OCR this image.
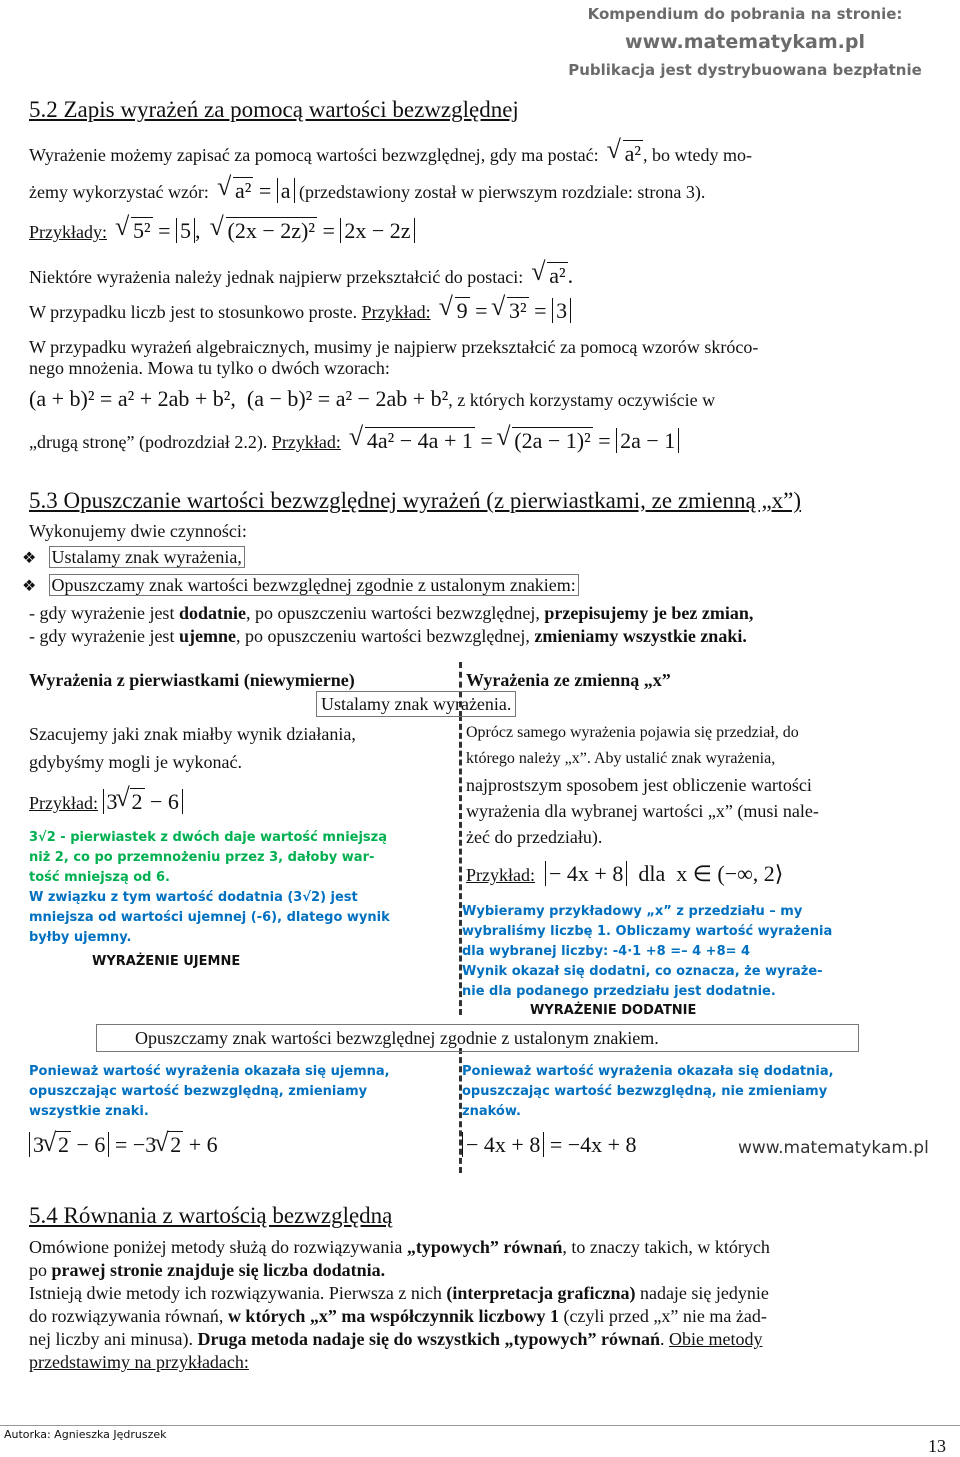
Kompendium do pobrania na stronie:
www.matematykam.pl
Publikacja jest dystrybuowana bezpłatnie
5.2 Zapis wyrażeń za pomocą wartości bezwzględnej
Wyrażenie możemy zapisać za pomocą wartości bezwzględnej, gdy ma postać: √ a² , bo wtedy mo-
żemy wykorzystać wzór: √ a² = a (przedstawiony został w pierwszym rozdziale: strona 3).
Przykłady: √ 5² = 5 ,  √ (2x − 2z)² = 2x − 2z
Niektóre wyrażenia należy jednak najpierw przekształcić do postaci: √ a².
W przypadku liczb jest to stosunkowo proste. Przykład: √ 9 = √ 3² = 3
W przypadku wyrażeń algebraicznych, musimy je najpierw przekształcić za pomocą wzorów skróco-
nego mnożenia. Mowa tu tylko o dwóch wzorach:
(a + b)² = a² + 2ab + b²,  (a − b)² = a² − 2ab + b², z których korzystamy oczywiście w
„drugą stronę” (podrozdział 2.2). Przykład: √ 4a² − 4a + 1 = √ (2a − 1)² = 2a − 1
5.3 Opuszczanie wartości bezwzględnej wyrażeń (z pierwiastkami, ze zmienną „x”)
Wykonujemy dwie czynności:
❖ Ustalamy znak wyrażenia,
❖ Opuszczamy znak wartości bezwzględnej zgodnie z ustalonym znakiem:
- gdy wyrażenie jest dodatnie, po opuszczeniu wartości bezwzględnej, przepisujemy je bez zmian,
- gdy wyrażenie jest ujemne, po opuszczeniu wartości bezwzględnej, zmieniamy wszystkie znaki.
Wyrażenia z pierwiastkami (niewymierne)	Wyrażenia ze zmienną „x”
Ustalamy znak wyrażenia.
Szacujemy jaki znak miałby wynik działania,
gdybyśmy mogli je wykonać.
Przykład: 3 √ 2 − 6
3√2 - pierwiastek z dwóch daje wartość mniejszą
niż 2, co po przemnożeniu przez 3, dałoby war-
tość mniejszą od 6.
W związku z tym wartość dodatnia (3√2) jest
mniejsza od wartości ujemnej (-6), dlatego wynik
byłby ujemny.
WYRAŻENIE UJEMNE
Oprócz samego wyrażenia pojawia się przedział, do
którego należy „x”. Aby ustalić znak wyrażenia,
najprostszym sposobem jest obliczenie wartości
wyrażenia dla wybranej wartości „x” (musi nale-
żeć do przedziału).
Przykład: − 4x + 8  dla  x ∈ (−∞, 2⟩
Wybieramy przykładowy „x” z przedziału – my
wybraliśmy liczbę 1. Obliczamy wartość wyrażenia
dla wybranej liczby: -4·1 +8 =– 4 +8= 4
Wynik okazał się dodatni, co oznacza, że wyraże-
nie dla podanego przedziału jest dodatnie.
WYRAŻENIE DODATNIE
Opuszczamy znak wartości bezwzględnej zgodnie z ustalonym znakiem.
Ponieważ wartość wyrażenia okazała się ujemna,
opuszczając wartość bezwzględną, zmieniamy
wszystkie znaki.
Ponieważ wartość wyrażenia okazała się dodatnia,
opuszczając wartość bezwzględną, nie zmieniamy
znaków.
3 √ 2 − 6 = −3 √ 2 + 6	− 4x + 8 = −4x + 8	www.matematykam.pl
5.4 Równania z wartością bezwzględną
Omówione poniżej metody służą do rozwiązywania „typowych” równań, to znaczy takich, w których
po prawej stronie znajduje się liczba dodatnia.
Istnieją dwie metody ich rozwiązywania. Pierwsza z nich (interpretacja graficzna) nadaje się jedynie
do rozwiązywania równań, w których „x” ma współczynnik liczbowy 1 (czyli przed „x” nie ma żad-
nej liczby ani minusa). Druga metoda nadaje się do wszystkich „typowych” równań. Obie metody
przedstawimy na przykładach:
Autorka: Agnieszka Jędruszek
13
